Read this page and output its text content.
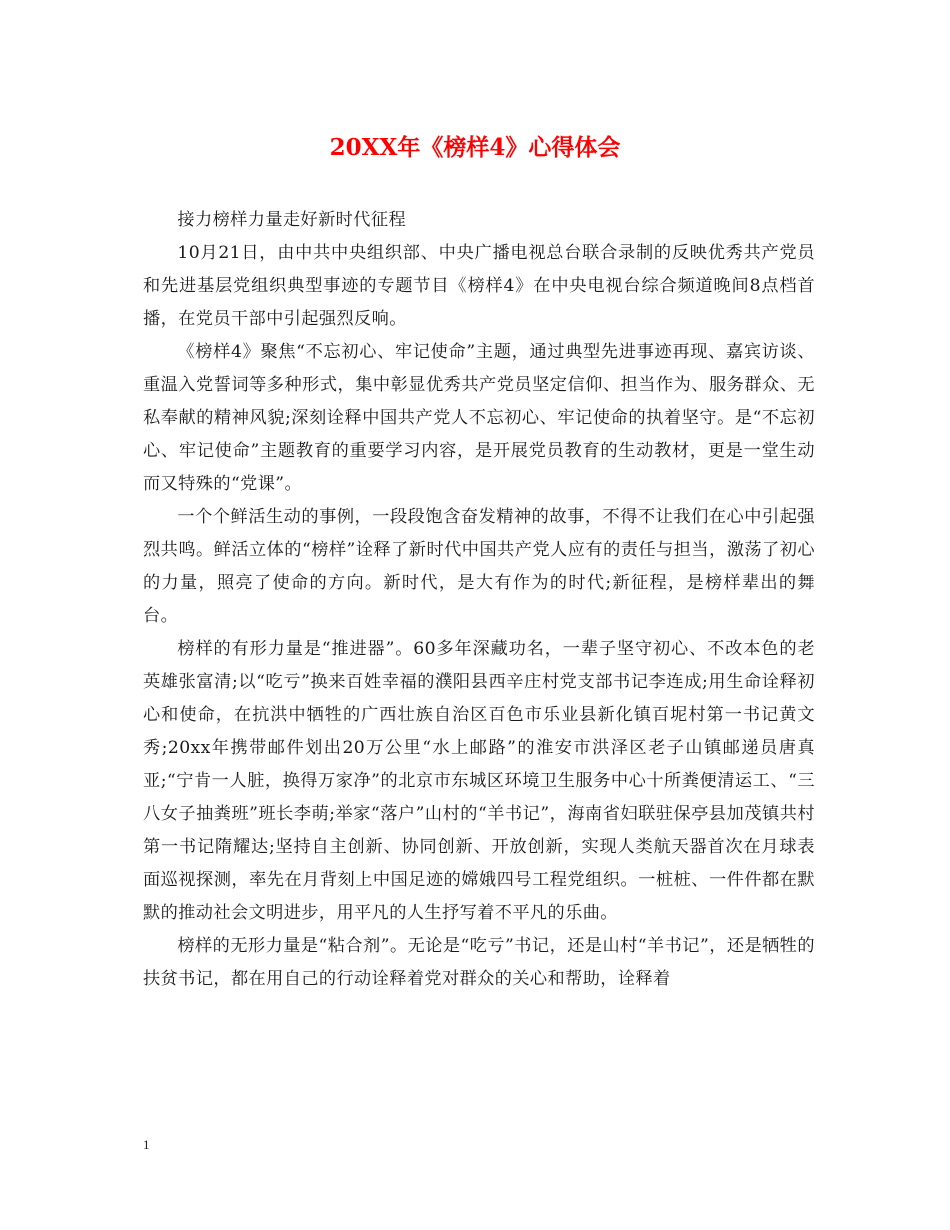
20XX年《榜样4》心得体会

接力榜样力量走好新时代征程

10月21日，由中共中央组织部、中央广播电视总台联合录制的反映优秀共产党员和先进基层党组织典型事迹的专题节目《榜样4》在中央电视台综合频道晚间8点档首播，在党员干部中引起强烈反响。

《榜样4》聚焦“不忘初心、牢记使命”主题，通过典型先进事迹再现、嘉宾访谈、重温入党誓词等多种形式，集中彰显优秀共产党员坚定信仰、担当作为、服务群众、无私奉献的精神风貌;深刻诠释中国共产党人不忘初心、牢记使命的执着坚守。是“不忘初心、牢记使命”主题教育的重要学习内容，是开展党员教育的生动教材，更是一堂生动而又特殊的“党课”。

一个个鲜活生动的事例，一段段饱含奋发精神的故事，不得不让我们在心中引起强烈共鸣。鲜活立体的“榜样”诠释了新时代中国共产党人应有的责任与担当，激荡了初心的力量，照亮了使命的方向。新时代，是大有作为的时代;新征程，是榜样辈出的舞台。

榜样的有形力量是“推进器”。60多年深藏功名，一辈子坚守初心、不改本色的老英雄张富清;以“吃亏”换来百姓幸福的濮阳县西辛庄村党支部书记李连成;用生命诠释初心和使命，在抗洪中牺牲的广西壮族自治区百色市乐业县新化镇百坭村第一书记黄文秀;20xx年携带邮件划出20万公里“水上邮路”的淮安市洪泽区老子山镇邮递员唐真亚;“宁肯一人脏，换得万家净”的北京市东城区环境卫生服务中心十所粪便清运工、“三八女子抽粪班”班长李萌;举家“落户”山村的“羊书记”，海南省妇联驻保亭县加茂镇共村第一书记隋耀达;坚持自主创新、协同创新、开放创新，实现人类航天器首次在月球表面巡视探测，率先在月背刻上中国足迹的嫦娥四号工程党组织。一桩桩、一件件都在默默的推动社会文明进步，用平凡的人生抒写着不平凡的乐曲。

榜样的无形力量是“粘合剂”。无论是“吃亏”书记，还是山村“羊书记”，还是牺牲的扶贫书记，都在用自己的行动诠释着党对群众的关心和帮助，诠释着

1
